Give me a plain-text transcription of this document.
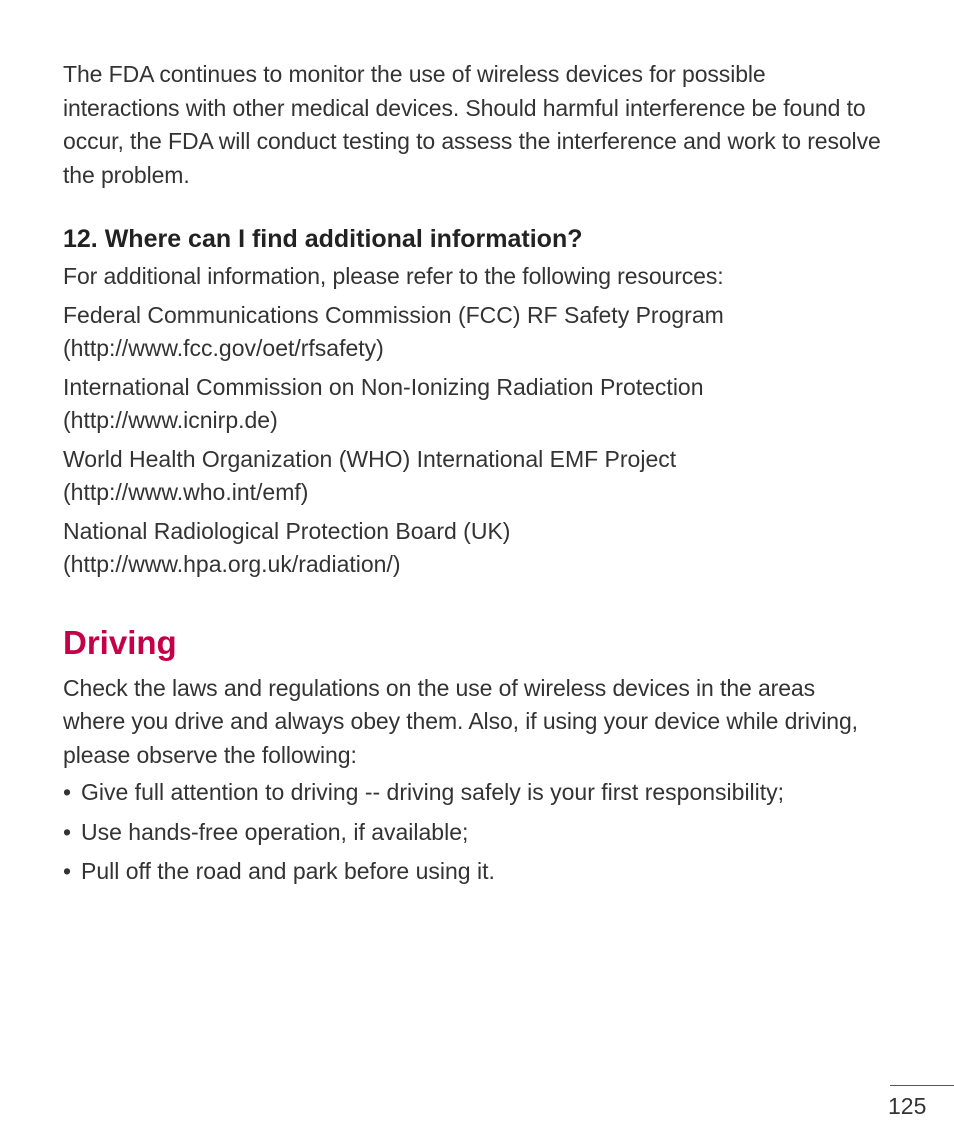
The FDA continues to monitor the use of wireless devices for possible interactions with other medical devices. Should harmful interference be found to occur, the FDA will conduct testing to assess the interference and work to resolve the problem.

12. Where can I find additional information?

For additional information, please refer to the following resources:

Federal Communications Commission (FCC) RF Safety Program
(http://www.fcc.gov/oet/rfsafety)
International Commission on Non-Ionizing Radiation Protection
(http://www.icnirp.de)
World Health Organization (WHO) International EMF Project
(http://www.who.int/emf)
National Radiological Protection Board (UK)
(http://www.hpa.org.uk/radiation/)
Driving

Check the laws and regulations on the use of wireless devices in the areas where you drive and always obey them. Also, if using your device while driving, please observe the following:

• Give full attention to driving -- driving safely is your first responsibility;
• Use hands-free operation, if available;
• Pull off the road and park before using it.
125
